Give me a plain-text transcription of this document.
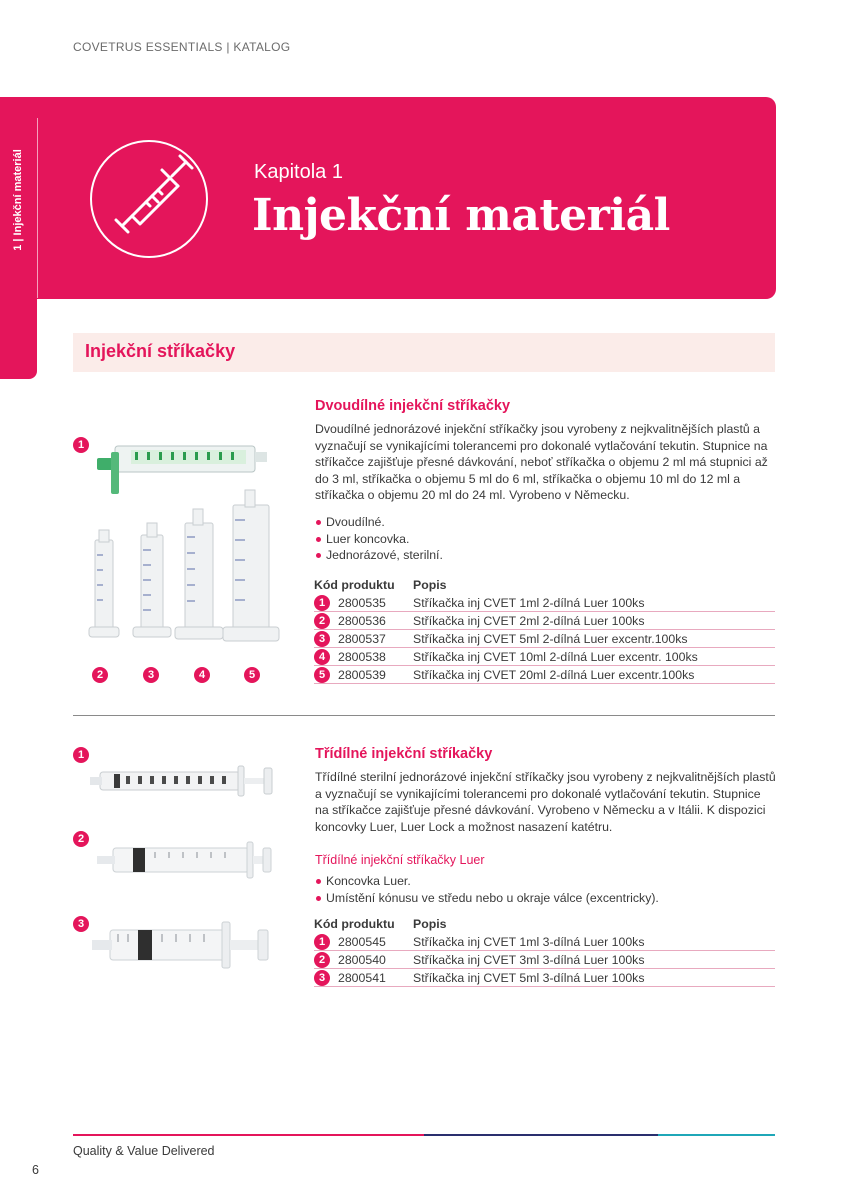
COVETRUS ESSENTIALS | KATALOG
1 | Injekční materiál	Kapitola 1
Injekční materiál
Injekční stříkačky
1
2	3	4	5
Dvoudílné injekční stříkačky
Dvoudílné jednorázové injekční stříkačky jsou vyrobeny z nejkvalitnějších plastů a vyznačují se vynikajícími tolerancemi pro dokonalé vytlačování tekutin. Stupnice na stříkačce zajišťuje přesné dávkování, neboť stříkačka o objemu 2 ml má stupnici až do 3 ml, stříkačka o objemu 5 ml do 6 ml, stříkačka o objemu 10 ml do 12 ml a stříkačka o objemu 20 ml do 24 ml. Vyrobeno v Německu.
Dvoudílné.
Luer koncovka.
Jednorázové, sterilní.
Kód produktu	Popis
1	2800535	Stříkačka inj CVET 1ml 2-dílná Luer 100ks
2	2800536	Stříkačka inj CVET 2ml 2-dílná Luer 100ks
3	2800537	Stříkačka inj CVET 5ml 2-dílná Luer excentr.100ks
4	2800538	Stříkačka inj CVET 10ml 2-dílná Luer excentr. 100ks
5	2800539	Stříkačka inj CVET 20ml 2-dílná Luer excentr.100ks
1
2
3
Třídílné injekční stříkačky
Třídílné sterilní jednorázové injekční stříkačky jsou vyrobeny z nejkvalitnějších plastů a vyznačují se vynikajícími tolerancemi pro dokonalé vytlačování tekutin. Stupnice na stříkačce zajišťuje přesné dávkování. Vyrobeno v Německu a v Itálii. K dispozici koncovky Luer, Luer Lock a možnost nasazení katétru.
Třídílné injekční stříkačky Luer
Koncovka Luer.
Umístění kónusu ve středu nebo u okraje válce (excentricky).
Kód produktu	Popis
1	2800545	Stříkačka inj CVET 1ml 3-dílná Luer 100ks
2	2800540	Stříkačka inj CVET 3ml 3-dílná Luer 100ks
3	2800541	Stříkačka inj CVET 5ml 3-dílná Luer 100ks
Quality & Value Delivered
6
